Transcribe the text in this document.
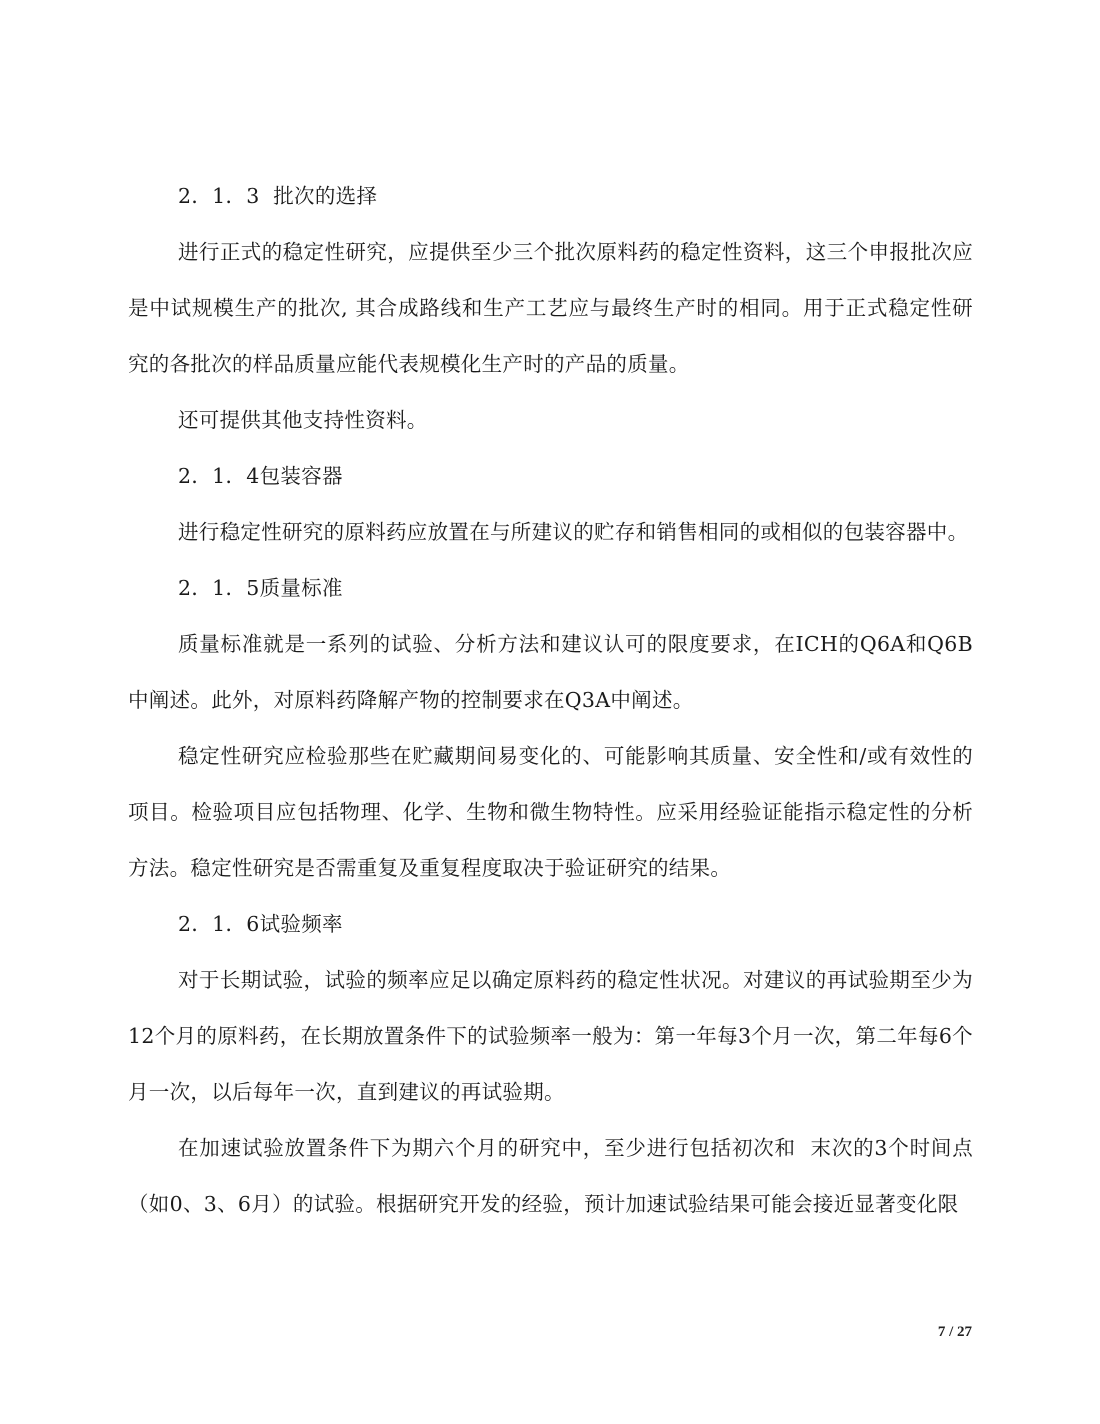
2．1．3  批次的选择

进行正式的稳定性研究，应提供至少三个批次原料药的稳定性资料，这三个申报批次应是中试规模生产的批次, 其合成路线和生产工艺应与最终生产时的相同。用于正式稳定性研究的各批次的样品质量应能代表规模化生产时的产品的质量。

还可提供其他支持性资料。

2．1．4包装容器

进行稳定性研究的原料药应放置在与所建议的贮存和销售相同的或相似的包装容器中。

2．1．5质量标准

质量标准就是一系列的试验、分析方法和建议认可的限度要求，在ICH的Q6A和Q6B中阐述。此外，对原料药降解产物的控制要求在Q3A中阐述。

稳定性研究应检验那些在贮藏期间易变化的、可能影响其质量、安全性和/或有效性的项目。检验项目应包括物理、化学、生物和微生物特性。应采用经验证能指示稳定性的分析方法。稳定性研究是否需重复及重复程度取决于验证研究的结果。

2．1．6试验频率

对于长期试验，试验的频率应足以确定原料药的稳定性状况。对建议的再试验期至少为12个月的原料药，在长期放置条件下的试验频率一般为：第一年每3个月一次，第二年每6个月一次，以后每年一次，直到建议的再试验期。

在加速试验放置条件下为期六个月的研究中，至少进行包括初次和  末次的3个时间点（如0、3、6月）的试验。根据研究开发的经验，预计加速试验结果可能会接近显著变化限

7 / 27
